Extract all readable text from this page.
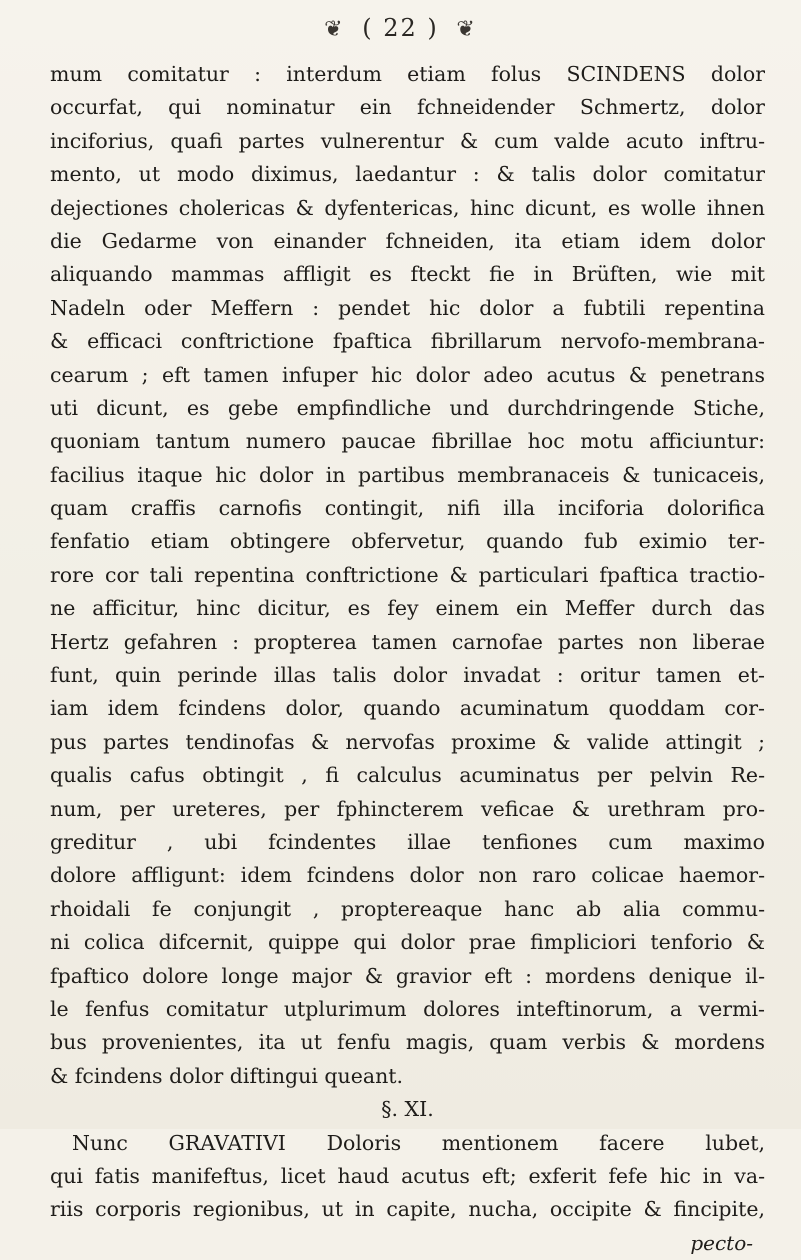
❦ ( 22 ) ❦
mum comitatur : interdum etiam folus SCINDENS dolor
occurfat, qui nominatur ein fchneidender Schmertz, dolor
inciforius, quafi partes vulnerentur & cum valde acuto inftru-
mento, ut modo diximus, laedantur : & talis dolor comitatur
dejectiones cholericas & dyfentericas, hinc dicunt, es wolle ihnen
die Gedarme von einander fchneiden, ita etiam idem dolor
aliquando mammas affligit es fteckt fie in Brüften, wie mit
Nadeln oder Meffern : pendet hic dolor a fubtili repentina
& efficaci conftrictione fpaftica fibrillarum nervofo-membrana-
cearum ; eft tamen infuper hic dolor adeo acutus & penetrans
uti dicunt, es gebe empfindliche und durchdringende Stiche,
quoniam tantum numero paucae fibrillae hoc motu afficiuntur:
facilius itaque hic dolor in partibus membranaceis & tunicaceis,
quam craffis carnofis contingit, nifi illa inciforia dolorifica
fenfatio etiam obtingere obfervetur, quando fub eximio ter-
rore cor tali repentina conftrictione & particulari fpaftica tractio-
ne afficitur, hinc dicitur, es fey einem ein Meffer durch das
Hertz gefahren : propterea tamen carnofae partes non liberae
funt, quin perinde illas talis dolor invadat : oritur tamen et-
iam idem fcindens dolor, quando acuminatum quoddam cor-
pus partes tendinofas & nervofas proxime & valide attingit ;
qualis cafus obtingit , fi calculus acuminatus per pelvin Re-
num, per ureteres, per fphincterem veficae & urethram pro-
greditur , ubi fcindentes illae tenfiones cum maximo
dolore affligunt: idem fcindens dolor non raro colicae haemor-
rhoidali fe conjungit , proptereaque hanc ab alia commu-
ni colica difcernit, quippe qui dolor prae fimpliciori tenforio &
fpaftico dolore longe major & gravior eft : mordens denique il-
le fenfus comitatur utplurimum dolores inteftinorum, a vermi-
bus provenientes, ita ut fenfu magis, quam verbis & mordens
& fcindens dolor diftingui queant.
§. XI.
Nunc GRAVATIVI Doloris mentionem facere lubet,
qui fatis manifeftus, licet haud acutus eft; exferit fefe hic in va-
riis corporis regionibus, ut in capite, nucha, occipite & fincipite,
pecto-
